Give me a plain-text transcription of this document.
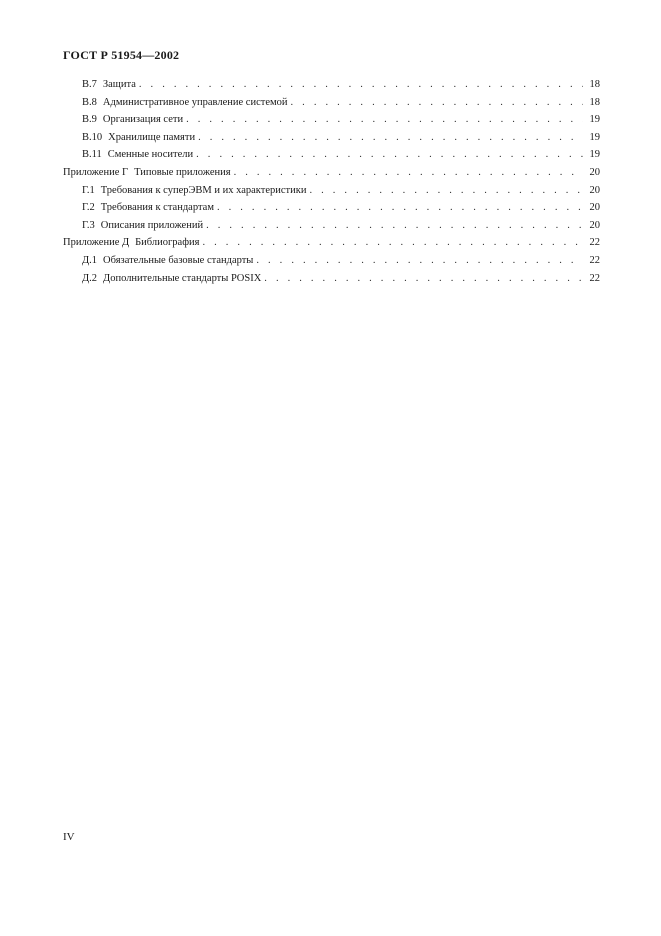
ГОСТ Р 51954—2002
В.7 Защита . . .	18
В.8 Административное управление системой . . .	18
В.9 Организация сети . . .	19
В.10 Хранилище памяти . . .	19
В.11 Сменные носители . . .	19
Приложение Г Типовые приложения . . .	20
Г.1 Требования к суперЭВМ и их характеристики . . .	20
Г.2 Требования к стандартам . . .	20
Г.3 Описания приложений . . .	20
Приложение Д Библиография . . .	22
Д.1 Обязательные базовые стандарты . . .	22
Д.2 Дополнительные стандарты POSIX . . .	22
IV
